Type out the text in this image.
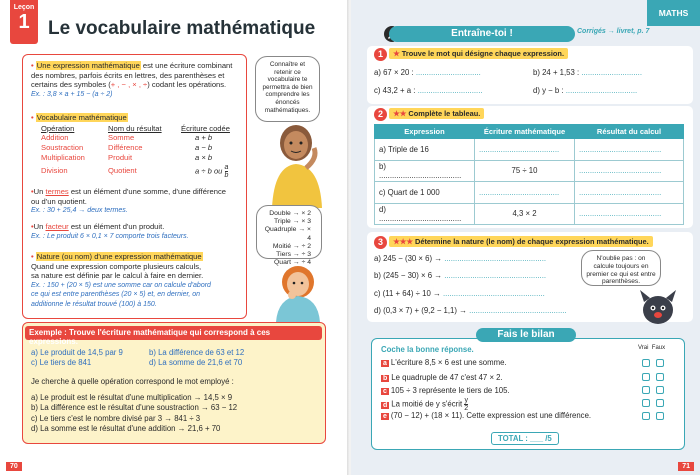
Leçon
1 Le vocabulaire mathématique
• Une expression mathématique est une écriture combinant
des nombres, parfois écrits en lettres, des parenthèses et
certains des symboles (+ , − , × , ÷) codant les opérations.
Ex. : 3,8 × a + 15 − (a ÷ 2)
• Vocabulaire mathématique
Opération	Nom du résultat	Écriture codée
Addition	Somme	a + b
Soustraction	Différence	a − b
Multiplication	Produit	a × b
Division	Quotient	a ÷ b ou $\frac{a}{b}$
•Un termes est un élément d'une somme, d'une différence
ou d'un quotient.
Ex. : 30 + 25,4 → deux termes.
•Un facteur est un élément d'un produit.
Ex. : Le produit 6 × 0,1 × 7 comporte trois facteurs.
• Nature (ou nom) d'une expression mathématique
Quand une expression comporte plusieurs calculs,
sa nature est définie par le calcul à faire en dernier.
Ex. : 150 + (20 × 5) est une somme car on calcule d'abord
ce qui est entre parenthèses (20 × 5) et, en dernier, on
additionne le résultat trouvé (100) à 150.
Connaître et retenir ce vocabulaire te permettra de bien comprendre les énoncés mathématiques.
Double → × 2
Triple → × 3
Quadruple → × 4
Moitié → ÷ 2
Tiers → ÷ 3
Quart → ÷ 4
Exemple : Trouve l'écriture mathématique qui correspond à ces expressions.
a) Le produit de 14,5 par 9	b) La différence de 63 et 12
c) Le tiers de 841	d) La somme de 21,6 et 70
Je cherche à quelle opération correspond le mot employé :
a) Le produit est le résultat d'une multiplication → 14,5 × 9
b) La différence est le résultat d'une soustraction → 63 − 12
c) Le tiers c'est le nombre divisé par 3 → 841 ÷ 3
d) La somme est le résultat d'une addition → 21,6 + 70
70
MATHS
Entraîne-toi !	Corrigés → livret, p. 7
1 ★ Trouve le mot qui désigne chaque expression.
a) 67 × 20 : ..............................	b) 24 + 1,53 : ............................
c) 43,2 + a : ..............................	d) y − b : .................................
2 ★★ Complète le tableau.
Expression	Écriture mathématique	Résultat du calcul
a) Triple de 16	.....................................	......................................
b) ......................................	75 ÷ 10	......................................
c) Quart de 1 000	.....................................	......................................
d) ......................................	4,3 × 2	......................................
3 ★★★ Détermine la nature (le nom) de chaque expression mathématique.
a) 245 − (30 × 6) → ...............................................
b) (245 − 30) × 6 → ...............................................
c) (11 + 64) ÷ 10 → ...............................................
d) (0,3 × 7) + (9,2 − 1,1) → .............................................
N'oublie pas : on calcule toujours en premier ce qui est entre parenthèses.
Fais le bilan
Coche la bonne réponse.	Vrai Faux
a L'écriture 8,5 × 6 est une somme.
b Le quadruple de 47 c'est 47 × 2.
c 105 ÷ 3 représente le tiers de 105.
d La moitié de y s'écrit $\frac{y}{2}$
e (70 − 12) + (18 × 11). Cette expression est une différence.
TOTAL : ___ /5
71
